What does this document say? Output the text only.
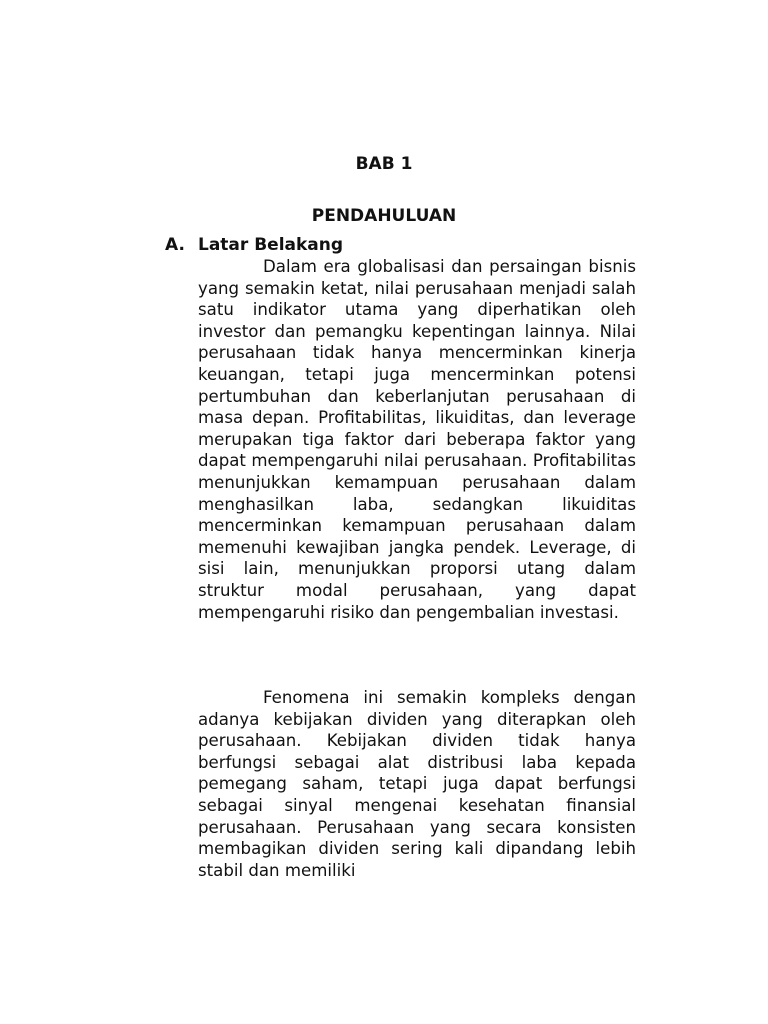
BAB 1
PENDAHULUAN
A. Latar Belakang

Dalam era globalisasi dan persaingan bisnis yang semakin ketat, nilai perusahaan menjadi salah satu indikator utama yang diperhatikan oleh investor dan pemangku kepentingan lainnya. Nilai perusahaan tidak hanya mencerminkan kinerja keuangan, tetapi juga mencerminkan potensi pertumbuhan dan keberlanjutan perusahaan di masa depan. Profitabilitas, likuiditas, dan leverage merupakan tiga faktor dari beberapa faktor yang dapat mempengaruhi nilai perusahaan. Profitabilitas menunjukkan kemampuan perusahaan dalam menghasilkan laba, sedangkan likuiditas mencerminkan kemampuan perusahaan dalam memenuhi kewajiban jangka pendek. Leverage, di sisi lain, menunjukkan proporsi utang dalam struktur modal perusahaan, yang dapat mempengaruhi risiko dan pengembalian investasi.

Fenomena ini semakin kompleks dengan adanya kebijakan dividen yang diterapkan oleh perusahaan. Kebijakan dividen tidak hanya berfungsi sebagai alat distribusi laba kepada pemegang saham, tetapi juga dapat berfungsi sebagai sinyal mengenai kesehatan finansial perusahaan. Perusahaan yang secara konsisten membagikan dividen sering kali dipandang lebih stabil dan memiliki
